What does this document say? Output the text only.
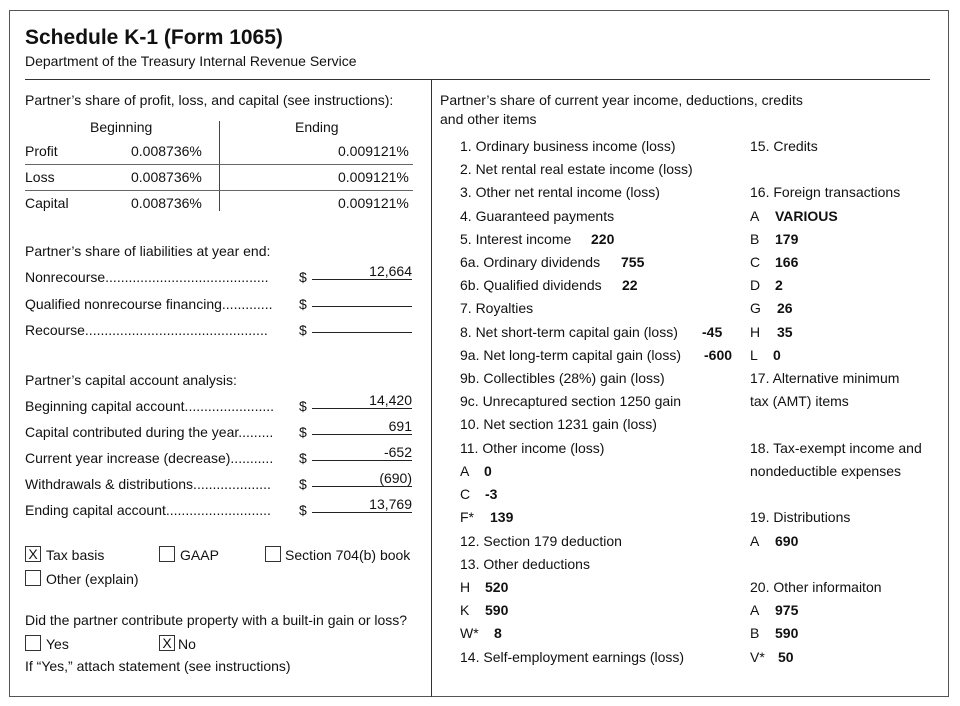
Schedule K-1 (Form 1065)
Department of the Treasury Internal Revenue Service
Partner’s share of profit, loss, and capital (see instructions):
Beginning	Ending
Profit	0.008736%	0.009121%
Loss	0.008736%	0.009121%
Capital	0.008736%	0.009121%
Partner’s share of liabilities at year end:
Nonrecourse.......................................... $	12,664
Qualified nonrecourse financing............. $
Recourse............................................... $
Partner’s capital account analysis:
Beginning capital account....................... $	14,420
Capital contributed during the year......... $	691
Current year increase (decrease)........... $	-652
Withdrawals & distributions.................... $	(690)
Ending capital account........................... $	13,769
X Tax basis	GAAP	Section 704(b) book
Other (explain)
Did the partner contribute property with a built-in gain or loss?
Yes	X No
If “Yes,” attach statement (see instructions)
Partner’s share of current year income, deductions, credits
and other items
1. Ordinary business income (loss)
2. Net rental real estate income (loss)
3. Other net rental income (loss)
4. Guaranteed payments
5. Interest income 220
6a. Ordinary dividends 755
6b. Qualified dividends 22
7. Royalties
8. Net short-term capital gain (loss) -45
9a. Net long-term capital gain (loss) -600
9b. Collectibles (28%) gain (loss)
9c. Unrecaptured section 1250 gain
10. Net section 1231 gain (loss)
11. Other income (loss)
A 0
C -3
F* 139
12. Section 179 deduction
13. Other deductions
H 520
K 590
W* 8
14. Self-employment earnings (loss)
15. Credits
16. Foreign transactions
A VARIOUS
B 179
C 166
D 2
G 26
H 35
L 0
17. Alternative minimum
tax (AMT) items
18. Tax-exempt income and
nondeductible expenses
19. Distributions
A 690
20. Other informaiton
A 975
B 590
V* 50
